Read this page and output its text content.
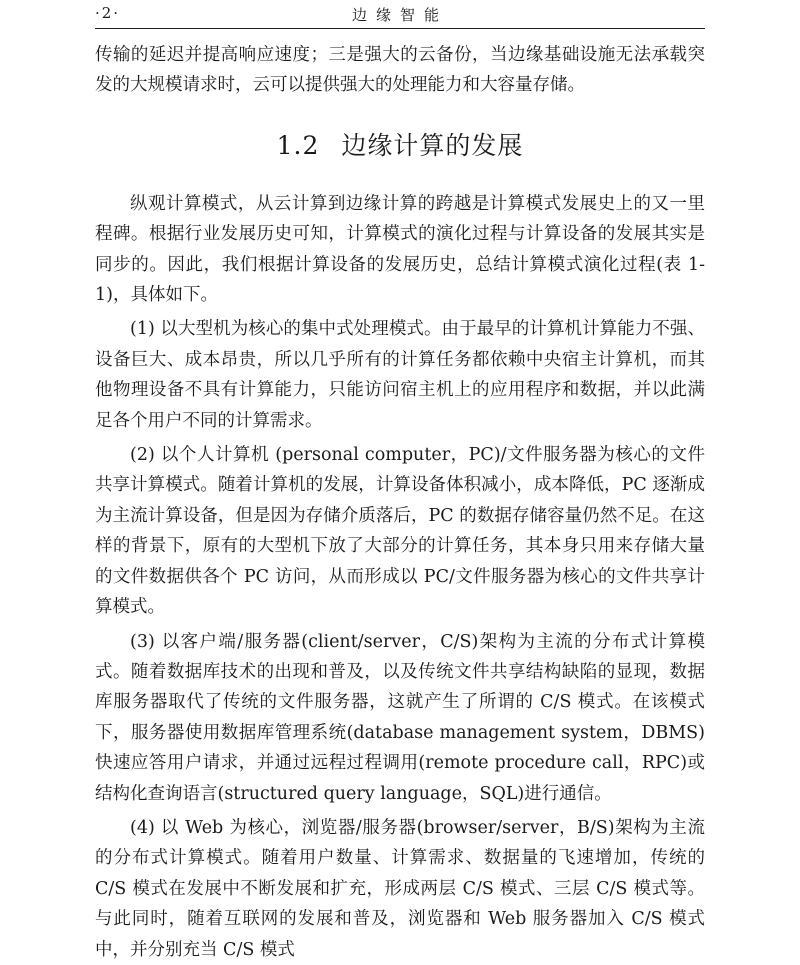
·2·	边缘智能

传输的延迟并提高响应速度；三是强大的云备份，当边缘基础设施无法承载突发的大规模请求时，云可以提供强大的处理能力和大容量存储。

1.2 边缘计算的发展

纵观计算模式，从云计算到边缘计算的跨越是计算模式发展史上的又一里程碑。根据行业发展历史可知，计算模式的演化过程与计算设备的发展其实是同步的。因此，我们根据计算设备的发展历史，总结计算模式演化过程(表 1-1)，具体如下。

(1) 以大型机为核心的集中式处理模式。由于最早的计算机计算能力不强、设备巨大、成本昂贵，所以几乎所有的计算任务都依赖中央宿主计算机，而其他物理设备不具有计算能力，只能访问宿主机上的应用程序和数据，并以此满足各个用户不同的计算需求。

(2) 以个人计算机 (personal computer，PC)/文件服务器为核心的文件共享计算模式。随着计算机的发展，计算设备体积减小，成本降低，PC 逐渐成为主流计算设备，但是因为存储介质落后，PC 的数据存储容量仍然不足。在这样的背景下，原有的大型机下放了大部分的计算任务，其本身只用来存储大量的文件数据供各个 PC 访问，从而形成以 PC/文件服务器为核心的文件共享计算模式。

(3) 以客户端/服务器(client/server，C/S)架构为主流的分布式计算模式。随着数据库技术的出现和普及，以及传统文件共享结构缺陷的显现，数据库服务器取代了传统的文件服务器，这就产生了所谓的 C/S 模式。在该模式下，服务器使用数据库管理系统(database management system，DBMS)快速应答用户请求，并通过远程过程调用(remote procedure call，RPC)或结构化查询语言(structured query language，SQL)进行通信。

(4) 以 Web 为核心，浏览器/服务器(browser/server，B/S)架构为主流的分布式计算模式。随着用户数量、计算需求、数据量的飞速增加，传统的 C/S 模式在发展中不断发展和扩充，形成两层 C/S 模式、三层 C/S 模式等。与此同时，随着互联网的发展和普及，浏览器和 Web 服务器加入 C/S 模式中，并分别充当 C/S 模式
